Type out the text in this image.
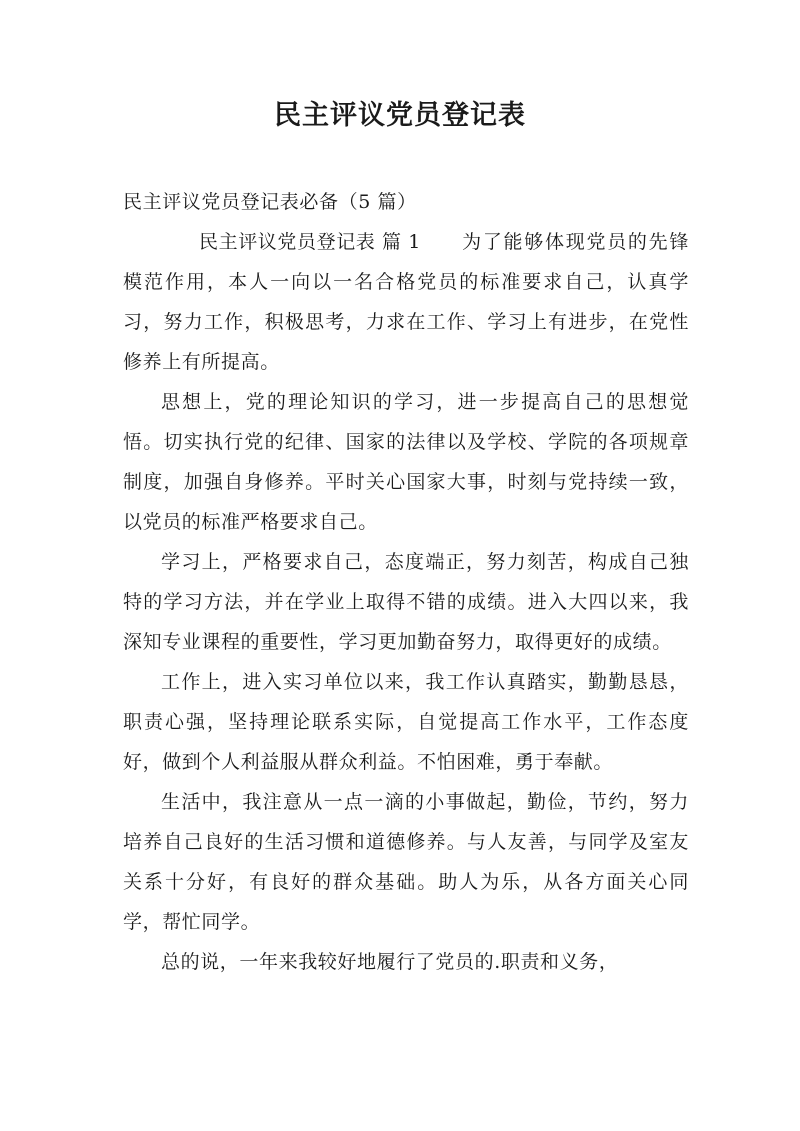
民主评议党员登记表

民主评议党员登记表必备（5 篇）

民主评议党员登记表 篇 1 为了能够体现党员的先锋模范作用，本人一向以一名合格党员的标准要求自己，认真学习，努力工作，积极思考，力求在工作、学习上有进步，在党性修养上有所提高。

思想上，党的理论知识的学习，进一步提高自己的思想觉悟。切实执行党的纪律、国家的法律以及学校、学院的各项规章制度，加强自身修养。平时关心国家大事，时刻与党持续一致，以党员的标准严格要求自己。

学习上，严格要求自己，态度端正，努力刻苦，构成自己独特的学习方法，并在学业上取得不错的成绩。进入大四以来，我深知专业课程的重要性，学习更加勤奋努力，取得更好的成绩。

工作上，进入实习单位以来，我工作认真踏实，勤勤恳恳，职责心强，坚持理论联系实际，自觉提高工作水平，工作态度好，做到个人利益服从群众利益。不怕困难，勇于奉献。

生活中，我注意从一点一滴的小事做起，勤俭，节约，努力培养自己良好的生活习惯和道德修养。与人友善，与同学及室友关系十分好，有良好的群众基础。助人为乐，从各方面关心同学，帮忙同学。

总的说，一年来我较好地履行了党员的.职责和义务，
